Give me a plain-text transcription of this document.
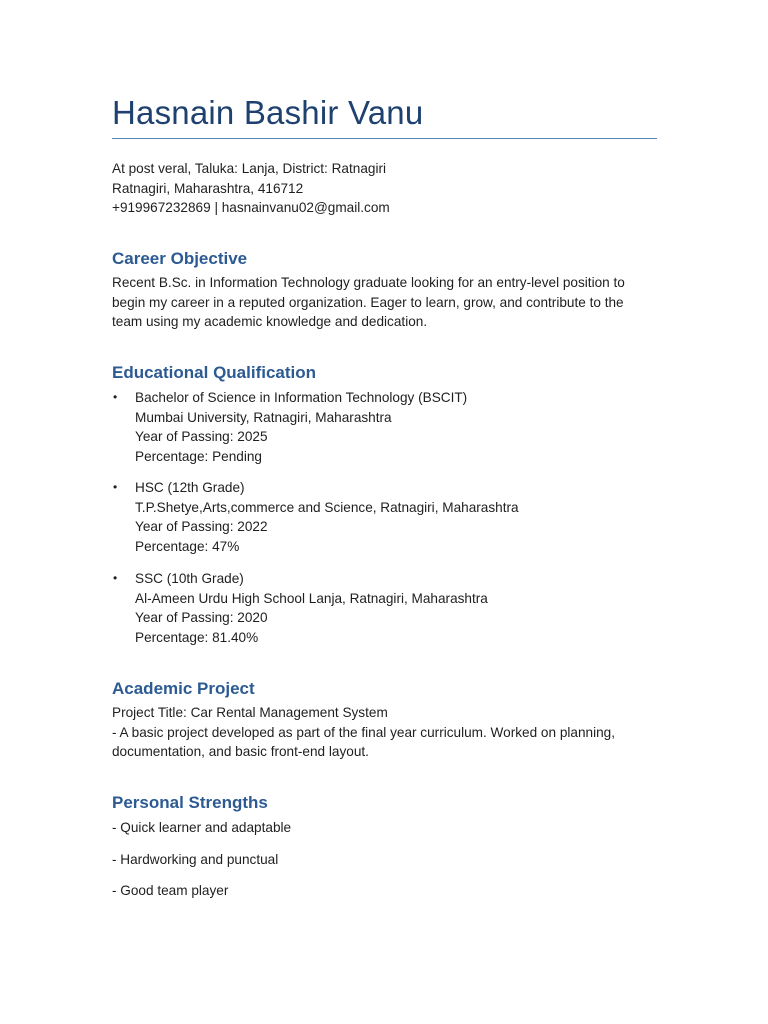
Hasnain Bashir Vanu
At post veral, Taluka: Lanja, District: Ratnagiri
Ratnagiri, Maharashtra, 416712
+919967232869 | hasnainvanu02@gmail.com
Career Objective
Recent B.Sc. in Information Technology graduate looking for an entry-level position to
begin my career in a reputed organization. Eager to learn, grow, and contribute to the
team using my academic knowledge and dedication.
Educational Qualification
•	Bachelor of Science in Information Technology (BSCIT)
Mumbai University, Ratnagiri, Maharashtra
Year of Passing: 2025
Percentage: Pending
•	HSC (12th Grade)
T.P.Shetye,Arts,commerce and Science, Ratnagiri, Maharashtra
Year of Passing: 2022
Percentage: 47%
•	SSC (10th Grade)
Al-Ameen Urdu High School Lanja, Ratnagiri, Maharashtra
Year of Passing: 2020
Percentage: 81.40%
Academic Project
Project Title: Car Rental Management System
- A basic project developed as part of the final year curriculum. Worked on planning,
documentation, and basic front-end layout.
Personal Strengths
- Quick learner and adaptable
- Hardworking and punctual
- Good team player
